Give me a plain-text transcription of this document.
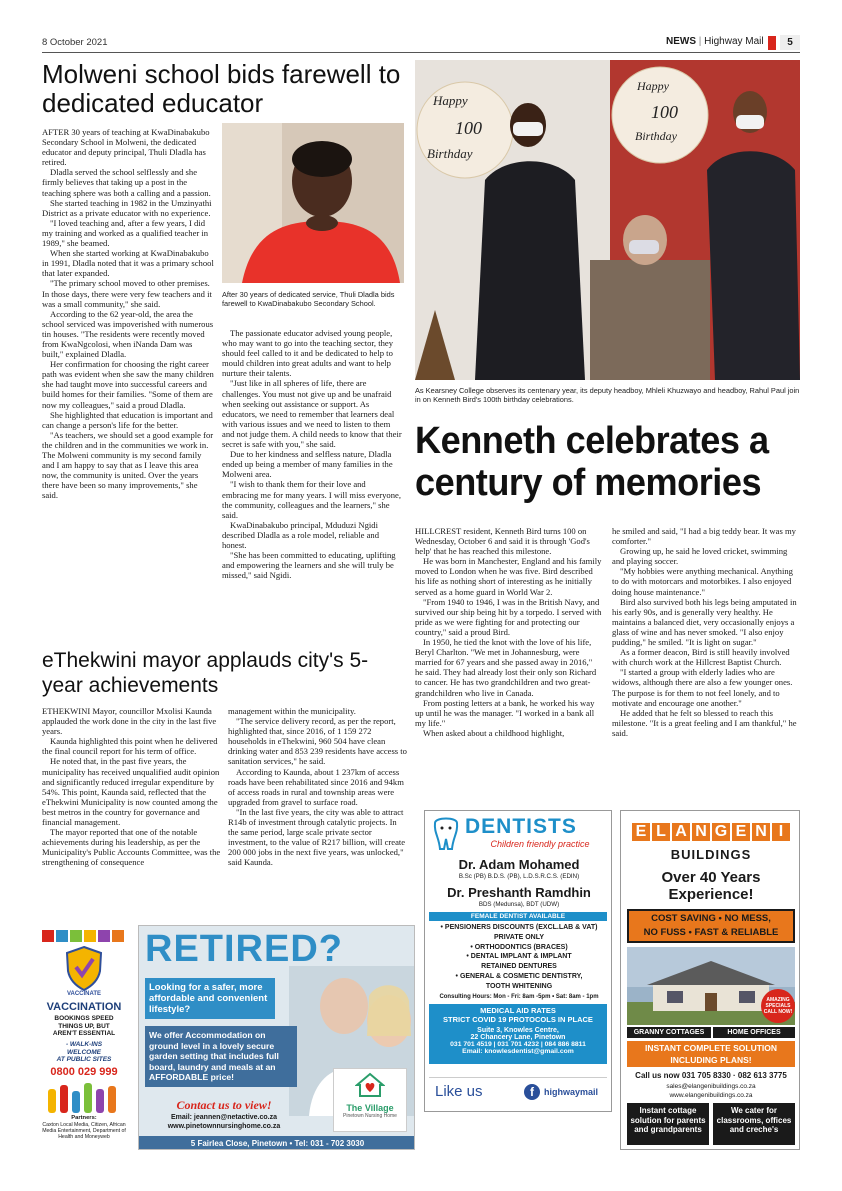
8 October 2021	NEWS | Highway Mail	5
Molweni school bids farewell to dedicated educator
After 30 years of dedicated service, Thuli Dladla bids farewell to KwaDinabakubo Secondary School.

AFTER 30 years of teaching at KwaDinabakubo Secondary School in Molweni, the dedicated educator and deputy principal, Thuli Dladla has retired.

Dladla served the school selflessly and she firmly believes that taking up a post in the teaching sphere was both a calling and a passion.

She started teaching in 1982 in the Umzinyathi District as a private educator with no experience.

"I loved teaching and, after a few years, I did my training and worked as a qualified teacher in 1989," she beamed.

When she started working at KwaDinabakubo in 1991, Dladla noted that it was a primary school that later expanded.

"The primary school moved to other premises. In those days, there were very few teachers and it was a small community," she said.

According to the 62 year-old, the area the school serviced was impoverished with numerous tin houses. "The residents were recently moved from KwaNgcolosi, when iNanda Dam was built," explained Dladla.

Her confirmation for choosing the right career path was evident when she saw the many children she had taught move into successful careers and build homes for their families. "Some of them are now my colleagues," said a proud Dladla.

She highlighted that education is important and can change a person's life for the better.

"As teachers, we should set a good example for the children and in the communities we work in. The Molweni community is my second family and I am happy to say that as I leave this area now, the community is united. Over the years there have been so many improvements," she said.

The passionate educator advised young people, who may want to go into the teaching sector, they should feel called to it and be dedicated to help to mould children into great adults and want to help nurture their talents.

"Just like in all spheres of life, there are challenges. You must not give up and be unafraid when seeking out assistance or support. As educators, we need to remember that learners deal with various issues and we need to listen to them and not judge them. A child needs to know that their secret is safe with you," she said.

Due to her kindness and selfless nature, Dladla ended up being a member of many families in the Molweni area.

"I wish to thank them for their love and embracing me for many years. I will miss everyone, the community, colleagues and the learners," she said.

KwaDinabakubo principal, Mduduzi Ngidi described Dladla as a role model, reliable and honest.

"She has been committed to educating, uplifting and empowering the learners and she will truly be missed," said Ngidi.

Happy
100
Birthday
Happy
100
Birthday
As Kearsney College observes its centenary year, its deputy headboy, Mhleli Khuzwayo and headboy, Rahul Paul join in on Kenneth Bird's 100th birthday celebrations.
Kenneth celebrates a century of memories

HILLCREST resident, Kenneth Bird turns 100 on Wednesday, October 6 and said it is through 'God's help' that he has reached this milestone.

He was born in Manchester, England and his family moved to London when he was five. Bird described his life as nothing short of interesting as he initially served as a home guard in World War 2.

"From 1940 to 1946, I was in the British Navy, and survived our ship being hit by a torpedo. I served with pride as we were fighting for and protecting our country," said a proud Bird.

In 1950, he tied the knot with the love of his life, Beryl Charlton. "We met in Johannesburg, were married for 67 years and she passed away in 2016," he said. They had already lost their only son Richard to cancer. He has two grandchildren and two great-grandchildren who live in Canada.

From posting letters at a bank, he worked his way up until he was the manager. "I worked in a bank all my life."

When asked about a childhood highlight,

he smiled and said, "I had a big teddy bear. It was my comforter."

Growing up, he said he loved cricket, swimming and playing soccer.

"My hobbies were anything mechanical. Anything to do with motorcars and motorbikes. I also enjoyed doing house maintenance."

Bird also survived both his legs being amputated in his early 90s, and is generally very healthy. He maintains a balanced diet, very occasionally enjoys a glass of wine and has never smoked. "I also enjoy pudding," he smiled. "It is light on sugar."

As a former deacon, Bird is still heavily involved with church work at the Hillcrest Baptist Church.

"I started a group with elderly ladies who are widows, although there are also a few younger ones. The purpose is for them to not feel lonely, and to motivate and encourage one another."

He added that he felt so blessed to reach this milestone. "It is a great feeling and I am thankful," he said.

eThekwini mayor applauds city's 5-year achievements

ETHEKWINI Mayor, councillor Mxolisi Kaunda applauded the work done in the city in the last five years.

Kaunda highlighted this point when he delivered the final council report for his term of office.

He noted that, in the past five years, the municipality has received unqualified audit opinion and significantly reduced irregular expenditure by 54%. This point, Kaunda said, reflected that the eThekwini Municipality is now counted among the best metros in the country for governance and financial management.

The mayor reported that one of the notable achievements during his leadership, as per the Municipality's Public Accounts Committee, was the strengthening of consequence

management within the municipality.

"The service delivery record, as per the report, highlighted that, since 2016, of 1 159 272 households in eThekwini, 960 504 have clean drinking water and 853 239 residents have access to sanitation services," he said.

According to Kaunda, about 1 237km of access roads have been rehabilitated since 2016 and 94km of access roads in rural and township areas were upgraded from gravel to surface road.

"In the last five years, the city was able to attract R14b of investment through catalytic projects. In the same period, large scale private sector investment, to the value of R217 billion, will create 200 000 jobs in the next five years, was unlocked," said Kaunda.

DENTISTS
Children friendly practice
Dr. Adam Mohamed
B.Sc (PB) B.D.S. (PB), L.D.S.R.C.S. (EDIN)
Dr. Preshanth Ramdhin
BDS (Medunsa), BDT (UDW)
FEMALE DENTIST AVAILABLE
• PENSIONERS DISCOUNTS (EXCL.LAB & VAT)
PRIVATE ONLY
• ORTHODONTICS (BRACES)
• DENTAL IMPLANT & IMPLANT
RETAINED DENTURES
• GENERAL & COSMETIC DENTISTRY,
TOOTH WHITENING
Consulting Hours: Mon - Fri: 8am -5pm • Sat: 8am - 1pm
MEDICAL AID RATES
STRICT COVID 19 PROTOCOLS IN PLACE
Suite 3, Knowles Centre,
22 Chancery Lane, Pinetown
031 701 4519 | 031 701 4232 | 084 886 8811
Email: knowlesdentist@gmail.com
Like us	f	highwaymail
E L A N G E N I
BUILDINGS
Over 40 Years
Experience!
COST SAVING • NO MESS,
NO FUSS • FAST & RELIABLE
AMAZING SPECIALS CALL NOW!
GRANNY COTTAGES	HOME OFFICES
INSTANT COMPLETE SOLUTION
INCLUDING PLANS!
Call us now 031 705 8330 · 082 613 3775
sales@elangenibuildings.co.za
www.elangenibuildings.co.za
Instant cottage solution for parents and grandparents
We cater for classrooms, offices and creche's
VACCINATE
VACCINATION
BOOKINGS SPEED
THINGS UP, BUT
AREN'T ESSENTIAL
- WALK-INS
WELCOME
AT PUBLIC SITES
0800 029 999
Partners:
Caxton Local Media, Citizen, African Media Entertainment, Department of Health and Moneyweb
RETIRED?
Looking for a safer, more affordable and convenient lifestyle?
We offer Accommodation on ground level in a lovely secure garden setting that includes full board, laundry and meals at an AFFORDABLE price!
Contact us to view!
Email: jeannen@netactive.co.za
www.pinetownnursinghome.co.za
The Village
Pinetown Nursing Home
5 Fairlea Close, Pinetown • Tel: 031 - 702 3030
